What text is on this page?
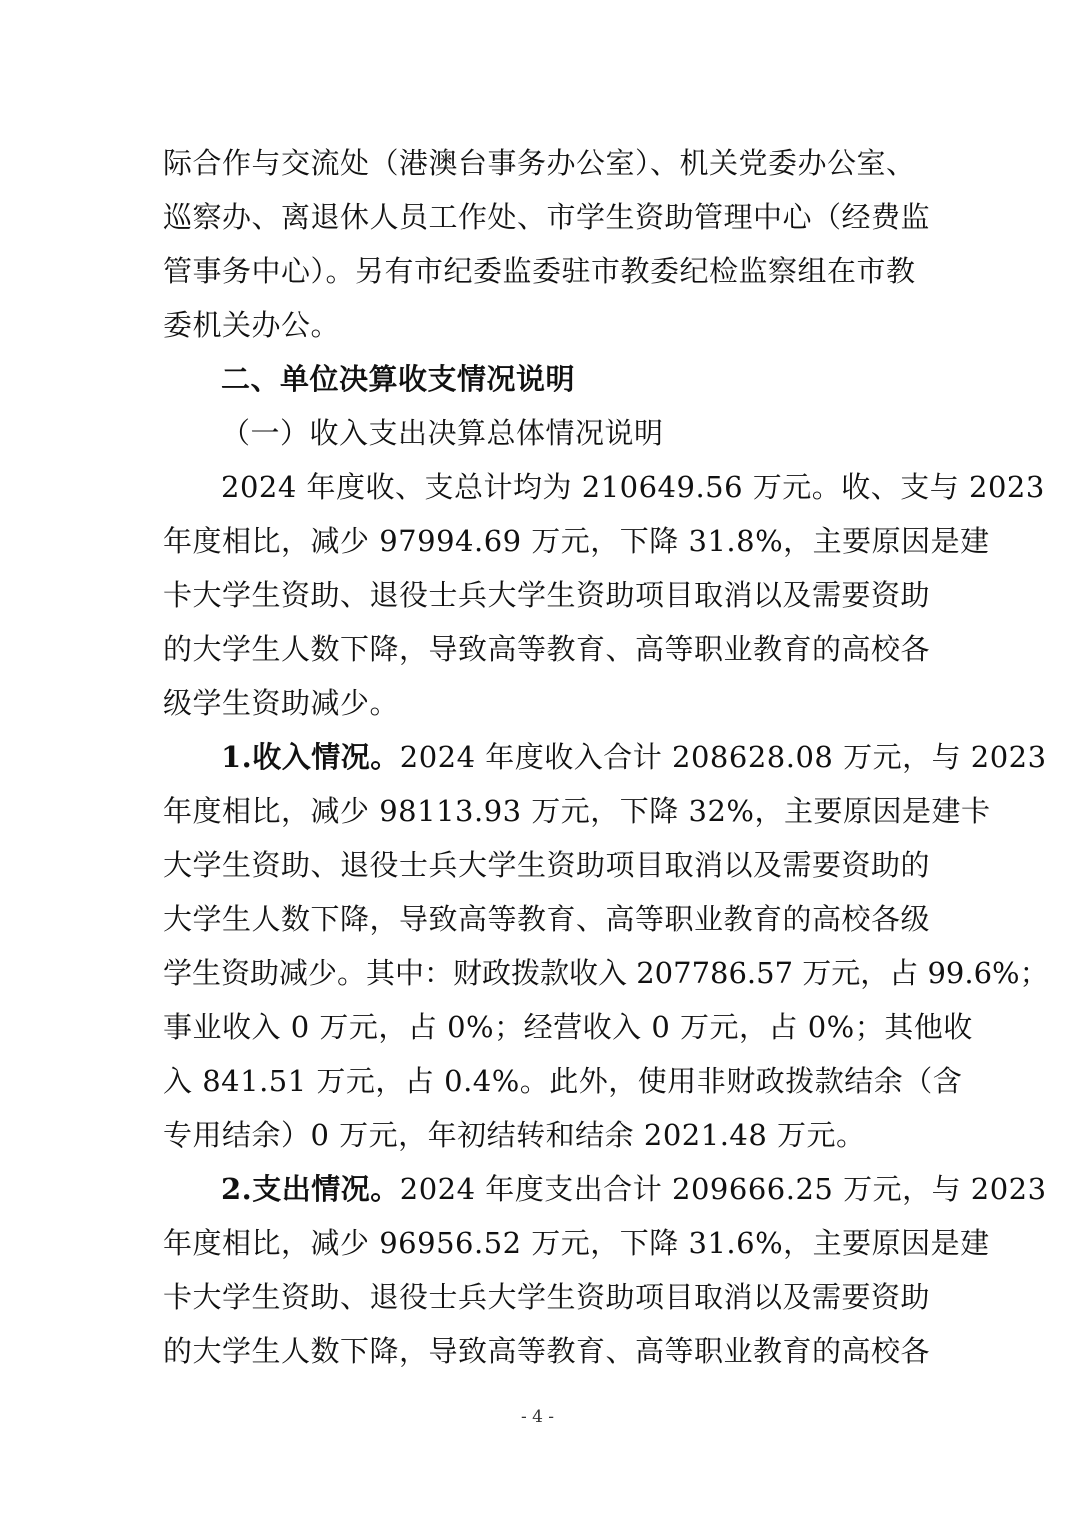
际合作与交流处（港澳台事务办公室）、机关党委办公室、
巡察办、离退休人员工作处、市学生资助管理中心（经费监
管事务中心）。另有市纪委监委驻市教委纪检监察组在市教
委机关办公。
二、单位决算收支情况说明
（一）收入支出决算总体情况说明
2024 年度收、支总计均为 210649.56 万元。收、支与 2023
年度相比，减少 97994.69 万元，下降 31.8%，主要原因是建
卡大学生资助、退役士兵大学生资助项目取消以及需要资助
的大学生人数下降，导致高等教育、高等职业教育的高校各
级学生资助减少。
1.收入情况。2024 年度收入合计 208628.08 万元，与 2023
年度相比，减少 98113.93 万元，下降 32%，主要原因是建卡
大学生资助、退役士兵大学生资助项目取消以及需要资助的
大学生人数下降，导致高等教育、高等职业教育的高校各级
学生资助减少。其中：财政拨款收入 207786.57 万元，占 99.6%；
事业收入 0 万元，占 0%；经营收入 0 万元，占 0%；其他收
入 841.51 万元，占 0.4%。此外，使用非财政拨款结余（含
专用结余）0 万元，年初结转和结余 2021.48 万元。
2.支出情况。2024 年度支出合计 209666.25 万元，与 2023
年度相比，减少 96956.52 万元，下降 31.6%，主要原因是建
卡大学生资助、退役士兵大学生资助项目取消以及需要资助
的大学生人数下降，导致高等教育、高等职业教育的高校各
- 4 -
